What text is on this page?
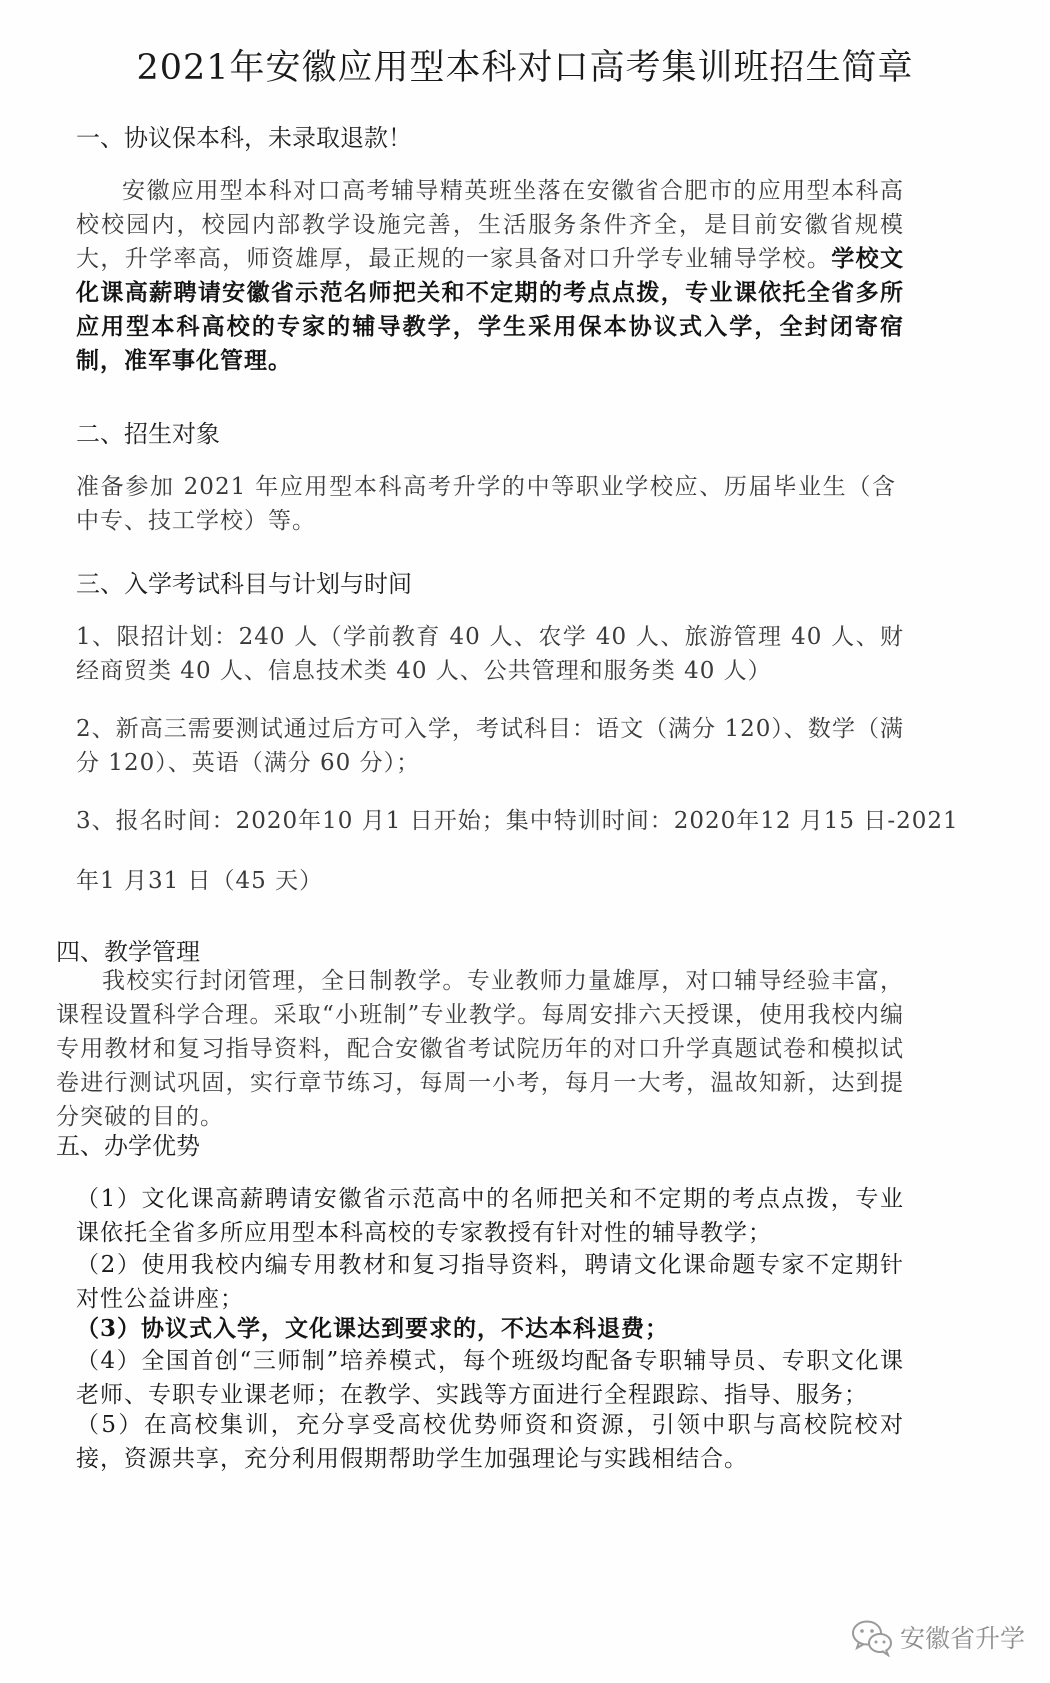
2021年安徽应用型本科对口高考集训班招生简章
一、协议保本科，未录取退款！

安徽应用型本科对口高考辅导精英班坐落在安徽省合肥市的应用型本科高校校园内，校园内部教学设施完善，生活服务条件齐全，是目前安徽省规模大，升学率高，师资雄厚，最正规的一家具备对口升学专业辅导学校。学校文化课高薪聘请安徽省示范名师把关和不定期的考点点拨，专业课依托全省多所应用型本科高校的专家的辅导教学，学生采用保本协议式入学，全封闭寄宿制，准军事化管理。

二、招生对象

准备参加 2021 年应用型本科高考升学的中等职业学校应、历届毕业生（含中专、技工学校）等。

三、入学考试科目与计划与时间

1、限招计划：240 人（学前教育 40 人、农学 40 人、旅游管理 40 人、财经商贸类 40 人、信息技术类 40 人、公共管理和服务类 40 人）

2、新高三需要测试通过后方可入学，考试科目：语文（满分 120）、数学（满分 120）、英语（满分 60 分）；

3、报名时间：2020年10 月1 日开始；集中特训时间：2020年12 月15 日-2021

年1 月31 日（45 天）

四、教学管理

我校实行封闭管理，全日制教学。专业教师力量雄厚，对口辅导经验丰富，课程设置科学合理。采取“小班制”专业教学。每周安排六天授课，使用我校内编专用教材和复习指导资料，配合安徽省考试院历年的对口升学真题试卷和模拟试卷进行测试巩固，实行章节练习，每周一小考，每月一大考，温故知新，达到提分突破的目的。

五、办学优势

（1）文化课高薪聘请安徽省示范高中的名师把关和不定期的考点点拨，专业课依托全省多所应用型本科高校的专家教授有针对性的辅导教学；

（2）使用我校内编专用教材和复习指导资料，聘请文化课命题专家不定期针对性公益讲座；

（3）协议式入学，文化课达到要求的，不达本科退费；

（4）全国首创“三师制”培养模式，每个班级均配备专职辅导员、专职文化课老师、专职专业课老师；在教学、实践等方面进行全程跟踪、指导、服务；

（5）在高校集训，充分享受高校优势师资和资源，引领中职与高校院校对接，资源共享，充分利用假期帮助学生加强理论与实践相结合。

安徽省升学
